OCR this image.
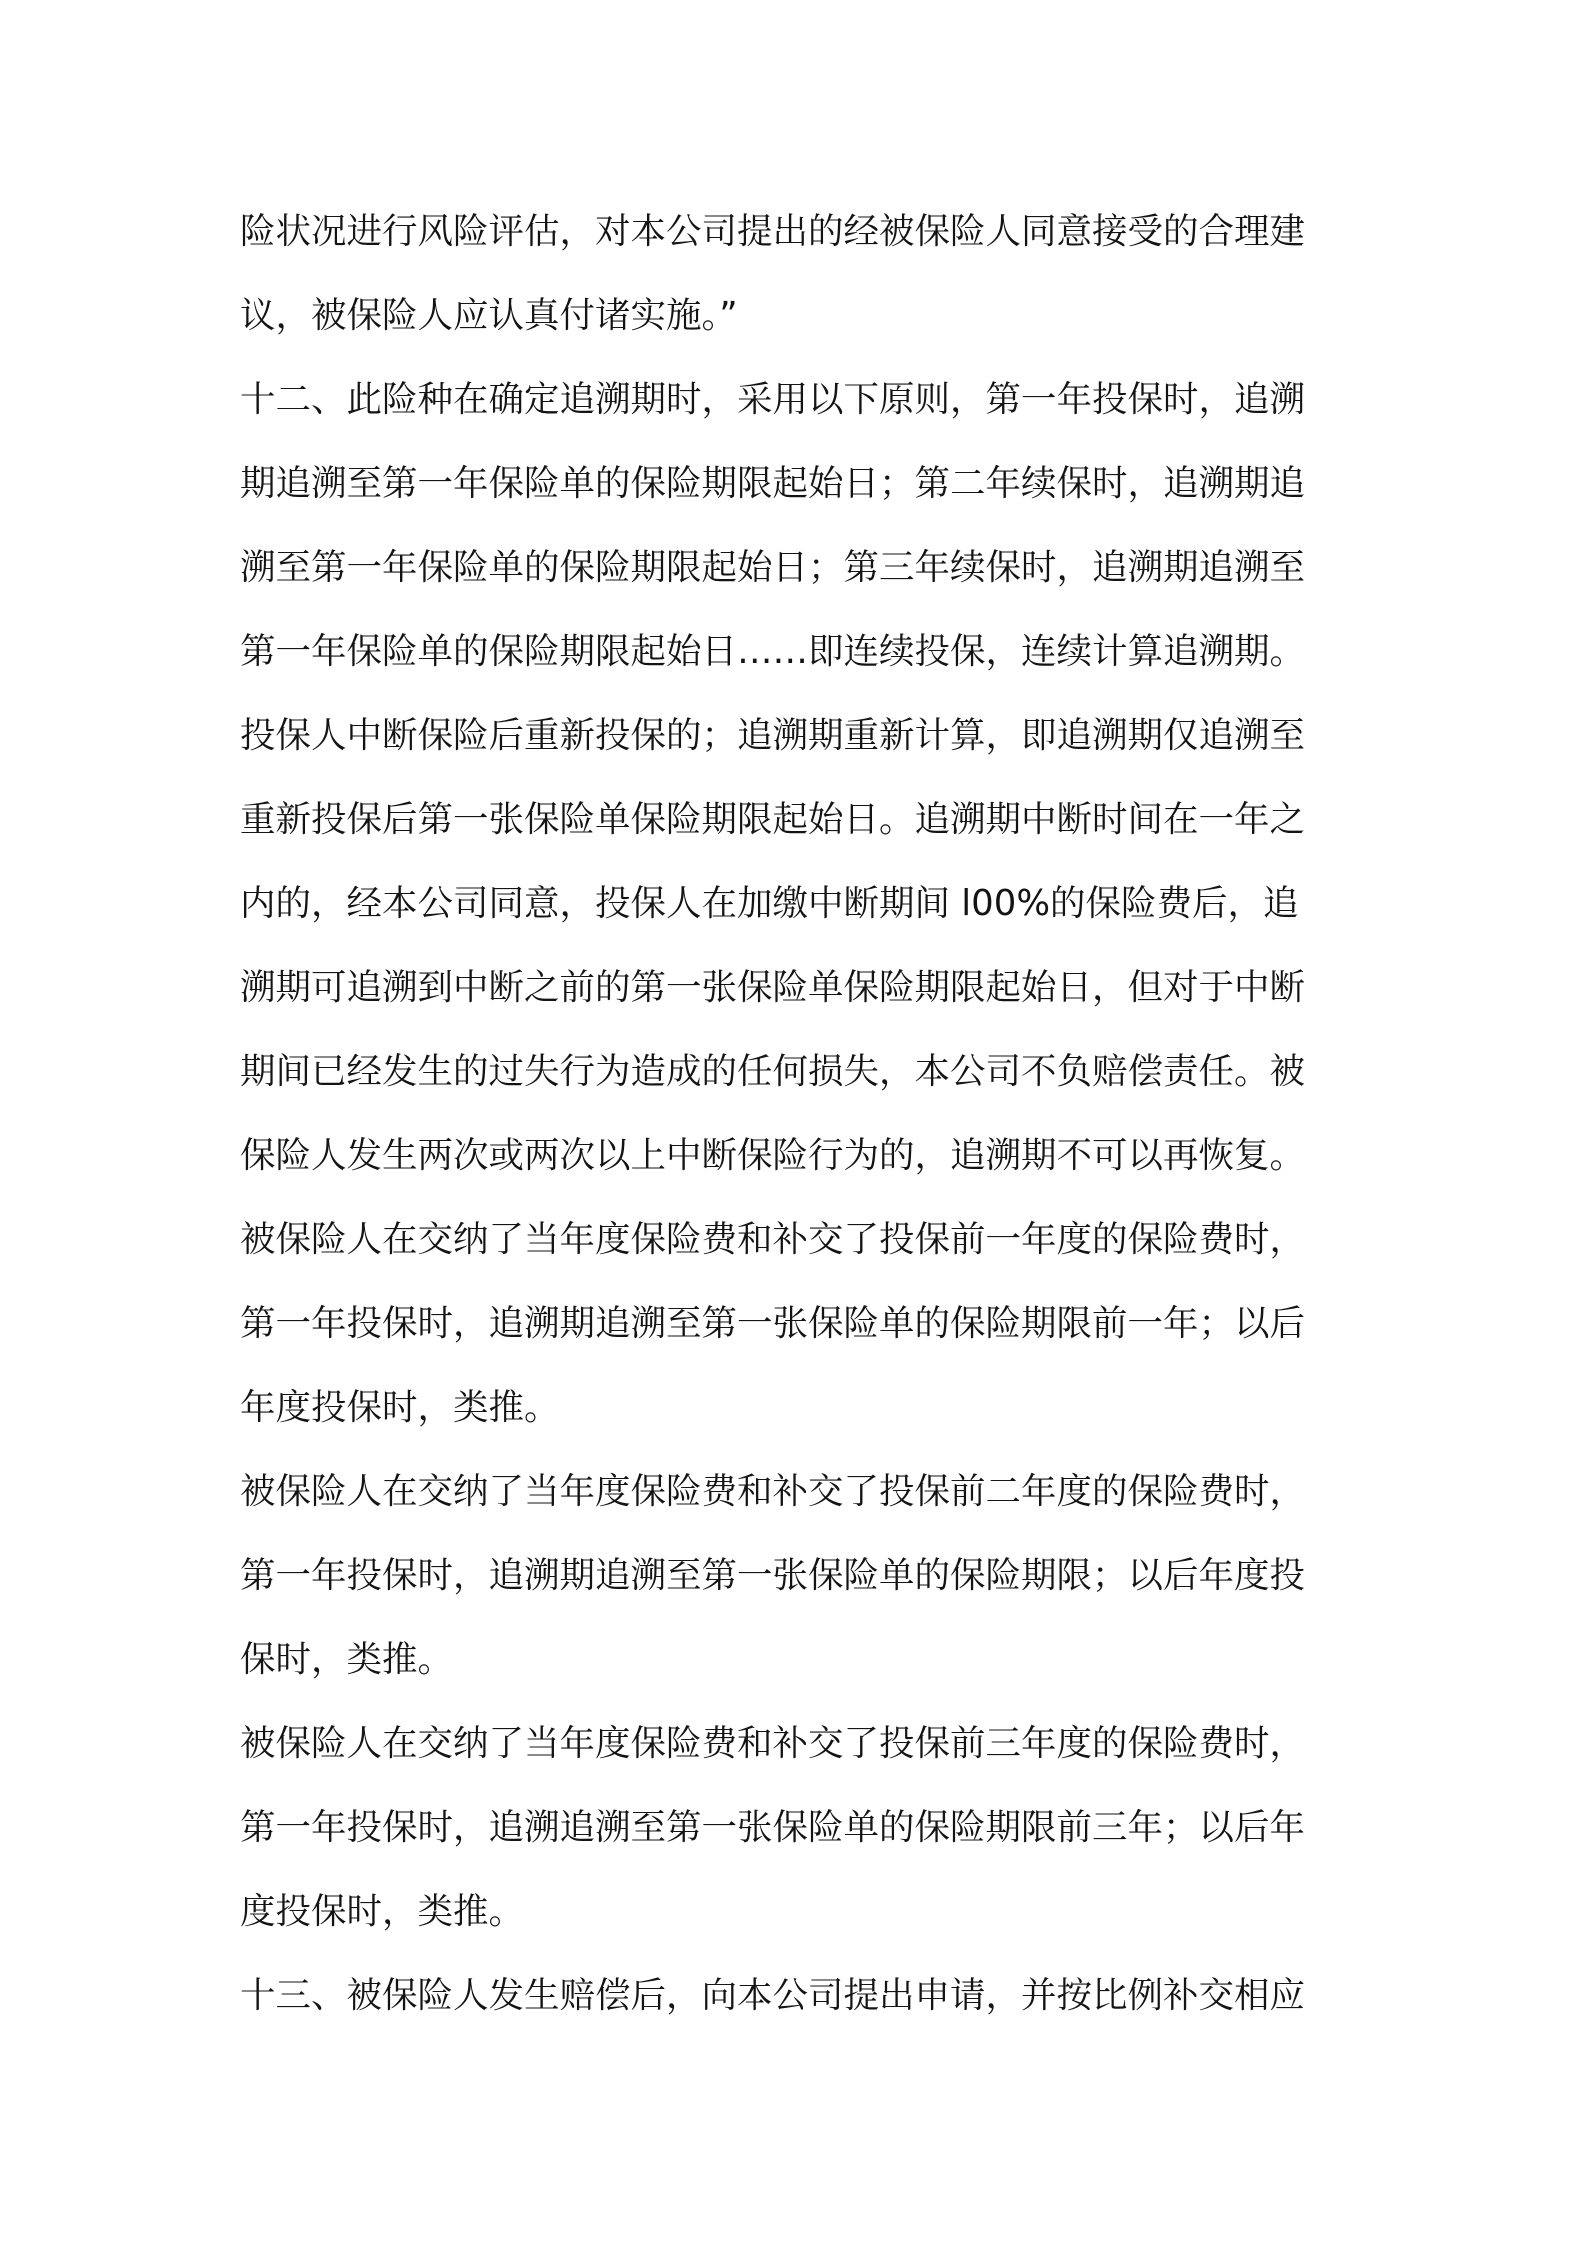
险状况进行风险评估，对本公司提出的经被保险人同意接受的合理建
议，被保险人应认真付诸实施。”
十二、此险种在确定追溯期时，采用以下原则，第一年投保时，追溯
期追溯至第一年保险单的保险期限起始日；第二年续保时，追溯期追
溯至第一年保险单的保险期限起始日；第三年续保时，追溯期追溯至
第一年保险单的保险期限起始日……即连续投保，连续计算追溯期。
投保人中断保险后重新投保的；追溯期重新计算，即追溯期仅追溯至
重新投保后第一张保险单保险期限起始日。追溯期中断时间在一年之
内的，经本公司同意，投保人在加缴中断期间 l00%的保险费后，追
溯期可追溯到中断之前的第一张保险单保险期限起始日，但对于中断
期间已经发生的过失行为造成的任何损失，本公司不负赔偿责任。被
保险人发生两次或两次以上中断保险行为的，追溯期不可以再恢复。
被保险人在交纳了当年度保险费和补交了投保前一年度的保险费时，
第一年投保时，追溯期追溯至第一张保险单的保险期限前一年；以后
年度投保时，类推。
被保险人在交纳了当年度保险费和补交了投保前二年度的保险费时，
第一年投保时，追溯期追溯至第一张保险单的保险期限；以后年度投
保时，类推。
被保险人在交纳了当年度保险费和补交了投保前三年度的保险费时，
第一年投保时，追溯追溯至第一张保险单的保险期限前三年；以后年
度投保时，类推。
十三、被保险人发生赔偿后，向本公司提出申请，并按比例补交相应
